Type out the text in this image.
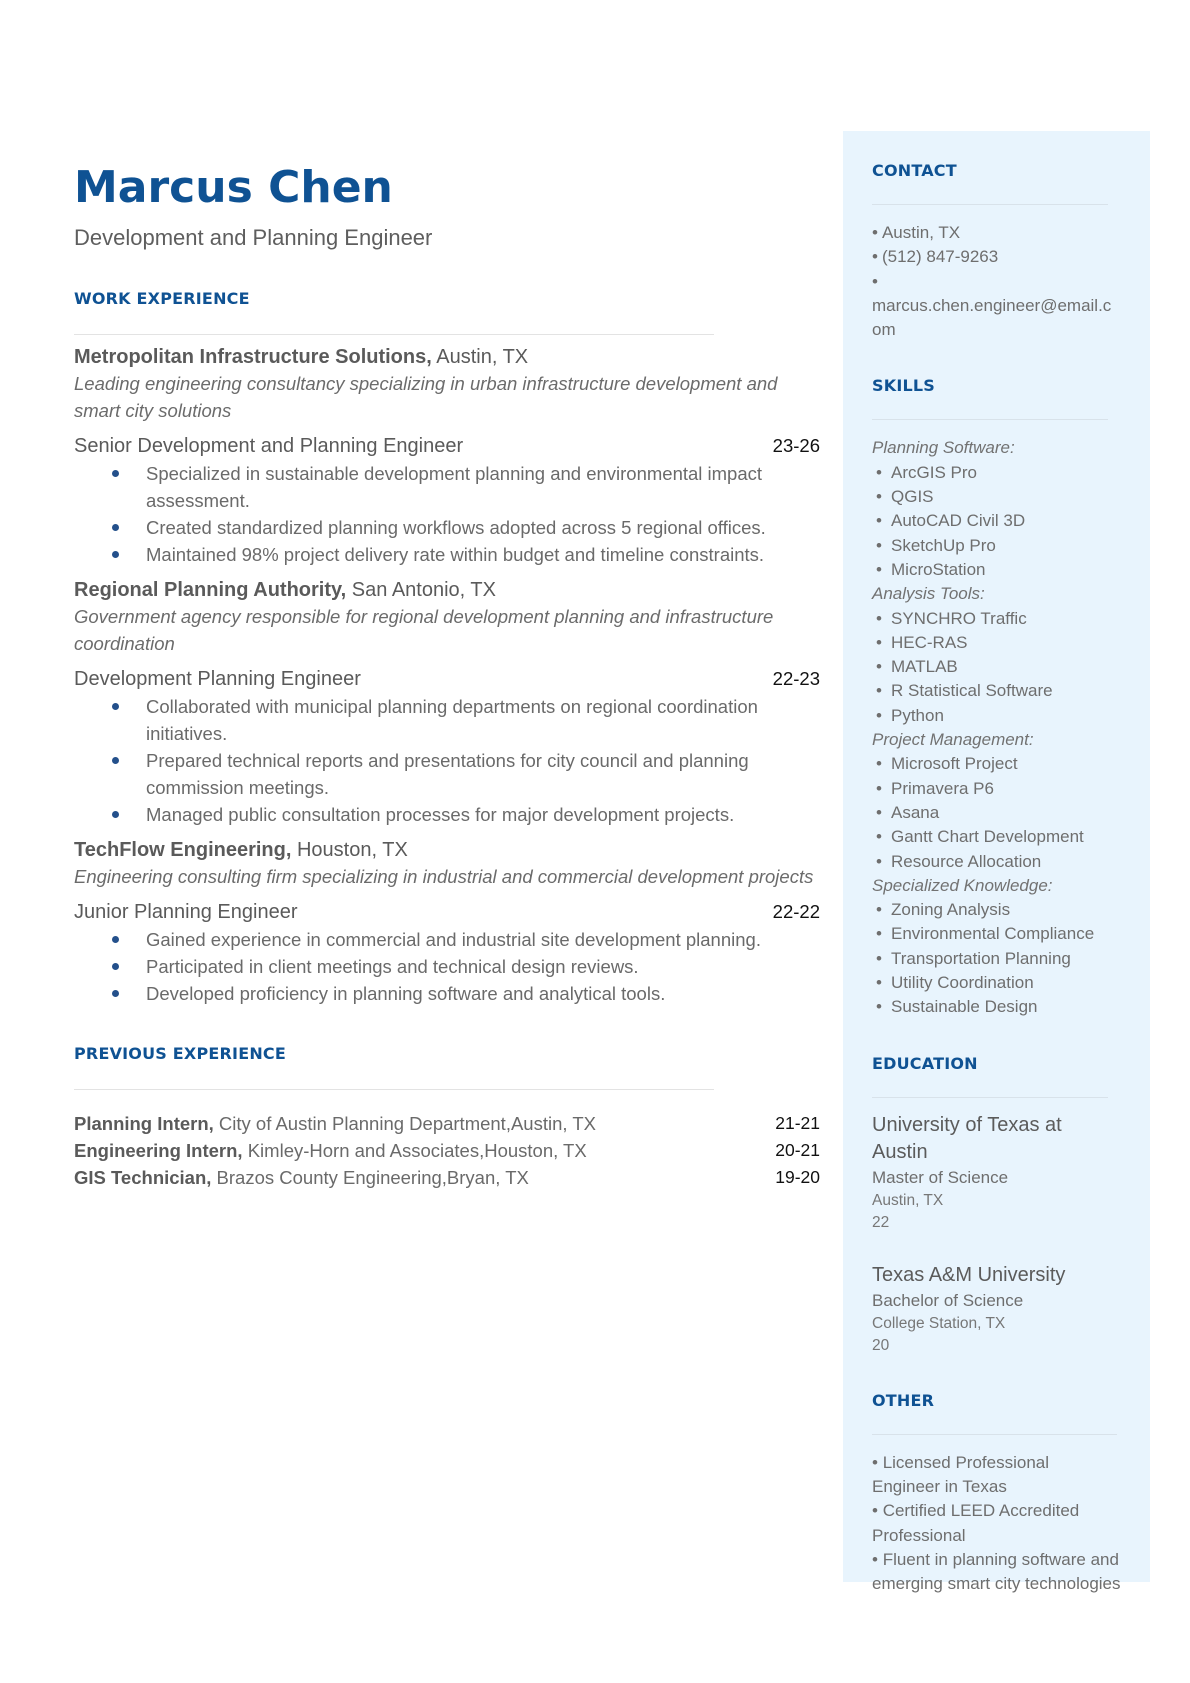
Marcus Chen
Development and Planning Engineer
WORK EXPERIENCE
Metropolitan Infrastructure Solutions, Austin, TX
Leading engineering consultancy specializing in urban infrastructure development and smart city solutions
Senior Development and Planning Engineer	23-26
Specialized in sustainable development planning and environmental impact assessment.
Created standardized planning workflows adopted across 5 regional offices.
Maintained 98% project delivery rate within budget and timeline constraints.
Regional Planning Authority, San Antonio, TX
Government agency responsible for regional development planning and infrastructure coordination
Development Planning Engineer	22-23
Collaborated with municipal planning departments on regional coordination initiatives.
Prepared technical reports and presentations for city council and planning commission meetings.
Managed public consultation processes for major development projects.
TechFlow Engineering, Houston, TX
Engineering consulting firm specializing in industrial and commercial development projects
Junior Planning Engineer	22-22
Gained experience in commercial and industrial site development planning.
Participated in client meetings and technical design reviews.
Developed proficiency in planning software and analytical tools.
PREVIOUS EXPERIENCE
Planning Intern, City of Austin Planning Department,Austin, TX	21-21
Engineering Intern, Kimley-Horn and Associates,Houston, TX	20-21
GIS Technician, Brazos County Engineering,Bryan, TX	19-20
CONTACT
• Austin, TX
• (512) 847-9263
•
marcus.chen.engineer@email.c
om
SKILLS
Planning Software:
• ArcGIS Pro
• QGIS
• AutoCAD Civil 3D
• SketchUp Pro
• MicroStation
Analysis Tools:
• SYNCHRO Traffic
• HEC-RAS
• MATLAB
• R Statistical Software
• Python
Project Management:
• Microsoft Project
• Primavera P6
• Asana
• Gantt Chart Development
• Resource Allocation
Specialized Knowledge:
• Zoning Analysis
• Environmental Compliance
• Transportation Planning
• Utility Coordination
• Sustainable Design
EDUCATION
University of Texas at Austin
Master of Science
Austin, TX
22
Texas A&M University
Bachelor of Science
College Station, TX
20
OTHER
• Licensed Professional Engineer in Texas
• Certified LEED Accredited Professional
• Fluent in planning software and emerging smart city technologies
